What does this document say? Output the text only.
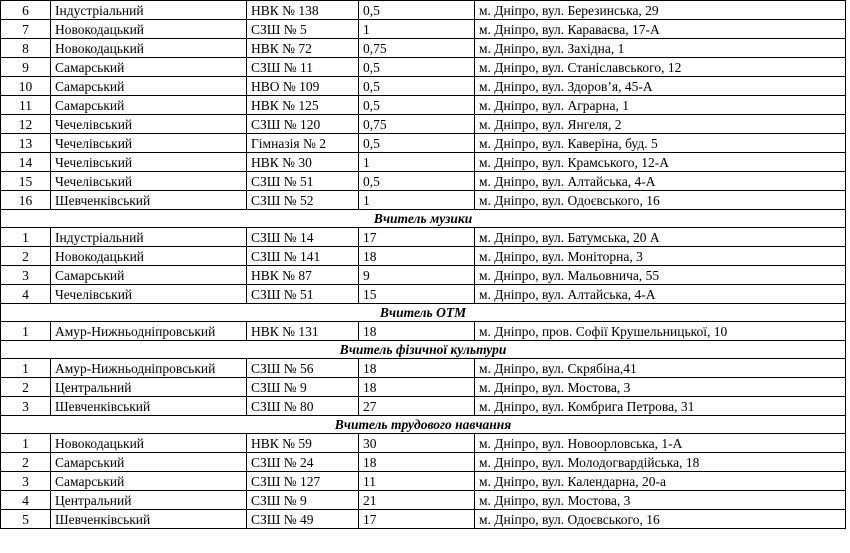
6	Індустріальний	НВК № 138	0,5	м. Дніпро, вул. Березинська, 29
7	Новокодацький	СЗШ № 5	1	м. Дніпро, вул. Караваєва, 17-А
8	Новокодацький	НВК № 72	0,75	м. Дніпро, вул. Західна, 1
9	Самарський	СЗШ № 11	0,5	м. Дніпро, вул. Станіславського, 12
10	Самарський	НВО № 109	0,5	м. Дніпро, вул. Здоров’я, 45-А
11	Самарський	НВК № 125	0,5	м. Дніпро, вул. Аграрна, 1
12	Чечелівський	СЗШ № 120	0,75	м. Дніпро, вул. Янгеля, 2
13	Чечелівський	Гімназія № 2	0,5	м. Дніпро, вул. Каверіна, буд. 5
14	Чечелівський	НВК № 30	1	м. Дніпро, вул. Крамського, 12-А
15	Чечелівський	СЗШ № 51	0,5	м. Дніпро, вул. Алтайська, 4-А
16	Шевченківський	СЗШ № 52	1	м. Дніпро, вул. Одоєвського, 16
Вчитель музики				
1	Індустріальний	СЗШ № 14	17	м. Дніпро, вул. Батумська, 20 А
2	Новокодацький	СЗШ № 141	18	м. Дніпро, вул. Моніторна, 3
3	Самарський	НВК № 87	9	м. Дніпро, вул. Мальовнича, 55
4	Чечелівський	СЗШ № 51	15	м. Дніпро, вул. Алтайська, 4-А
Вчитель ОТМ				
1	Амур-Нижньодніпровський	НВК № 131	18	м. Дніпро, пров. Софії Крушельницької, 10
Вчитель фізичної культури				
1	Амур-Нижньодніпровський	СЗШ № 56	18	м. Дніпро, вул. Скрябіна,41
2	Центральний	СЗШ № 9	18	м. Дніпро, вул. Мостова, 3
3	Шевченківський	СЗШ № 80	27	м. Дніпро, вул. Комбрига Петрова, 31
Вчитель трудового навчання				
1	Новокодацький	НВК № 59	30	м. Дніпро, вул. Новоорловська, 1-А
2	Самарський	СЗШ № 24	18	м. Дніпро, вул. Молодогвардійська, 18
3	Самарський	СЗШ № 127	11	м. Дніпро, вул. Календарна, 20-а
4	Центральний	СЗШ № 9	21	м. Дніпро, вул. Мостова, 3
5	Шевченківський	СЗШ № 49	17	м. Дніпро, вул. Одоєвського, 16
